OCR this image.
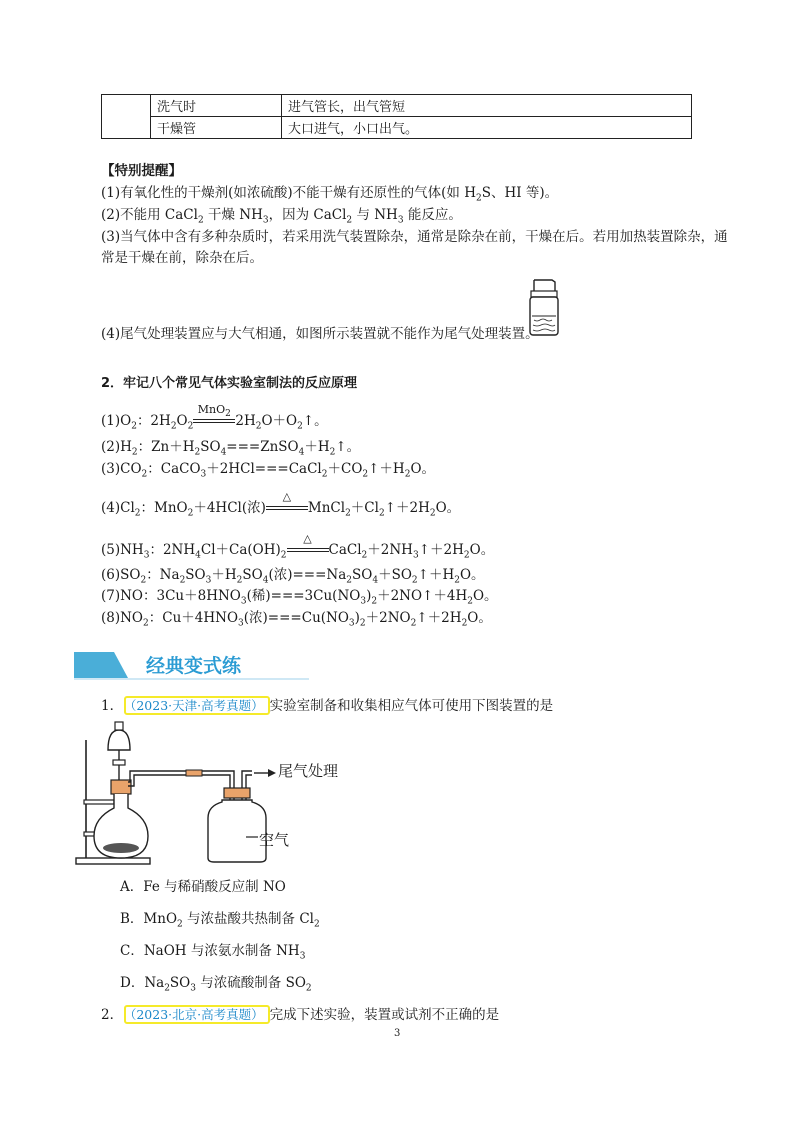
	洗气时	进气管长，出气管短
	干燥管	大口进气，小口出气。
【特别提醒】
(1)有氧化性的干燥剂(如浓硫酸)不能干燥有还原性的气体(如 $H_2S$、HI 等)。
(2)不能用 CaCl$_2$ 干燥 $NH_3$，因为 CaCl$_2$ 与 $NH_3$ 能反应。
(3)当气体中含有多种杂质时，若采用洗气装置除杂，通常是除杂在前，干燥在后。若用加热装置除杂，通
常是干燥在前，除杂在后。
(4)尾气处理装置应与大气相通，如图所示装置就不能作为尾气处理装置。
2．牢记八个常见气体实验室制法的反应原理
$(1)O_2$：$2H_2O_2$
MnO$_2$ $2H_2O+O_2↑$。
$(2)H_2$：$Zn+H_2SO_4===ZnSO_4+H_2↑$。
$(3)CO_2$：$CaCO_3+2HCl===CaCl_2+CO_2↑+H_2O$。
$(4)Cl_2$：MnO$_2$＋4HCl(浓)
△
$MnCl_2+Cl_2↑+2H_2O$。
$(5)NH_3$：$2NH_4Cl+Ca(OH)_2$
△
$CaCl_2+2NH_3↑+2H_2O$。
$(6)SO_2$：$Na_2SO_3+H_2SO_4$(浓)$===Na_2SO_4+SO_2↑+H_2O$。
(7)NO：$3Cu+8HNO_3$(稀)$===3Cu(NO_3)_2+2NO↑+4H_2O$。
$(8)NO_2$：$Cu+4HNO_3$(浓)$===Cu(NO_3)_2+2NO_2↑+2H_2O$。
经典变式练
1． （2023·天津·高考真题） 实验室制备和收集相应气体可使用下图装置的是
尾气处理
空气
A．Fe 与稀硝酸反应制 NO
B．MnO$_2$ 与浓盐酸共热制备 $Cl_2$
C．NaOH 与浓氨水制备 $NH_3$
D．$Na_2SO_3$ 与浓硫酸制备 $SO_2$
2． （2023·北京·高考真题） 完成下述实验，装置或试剂不正确的是
3
